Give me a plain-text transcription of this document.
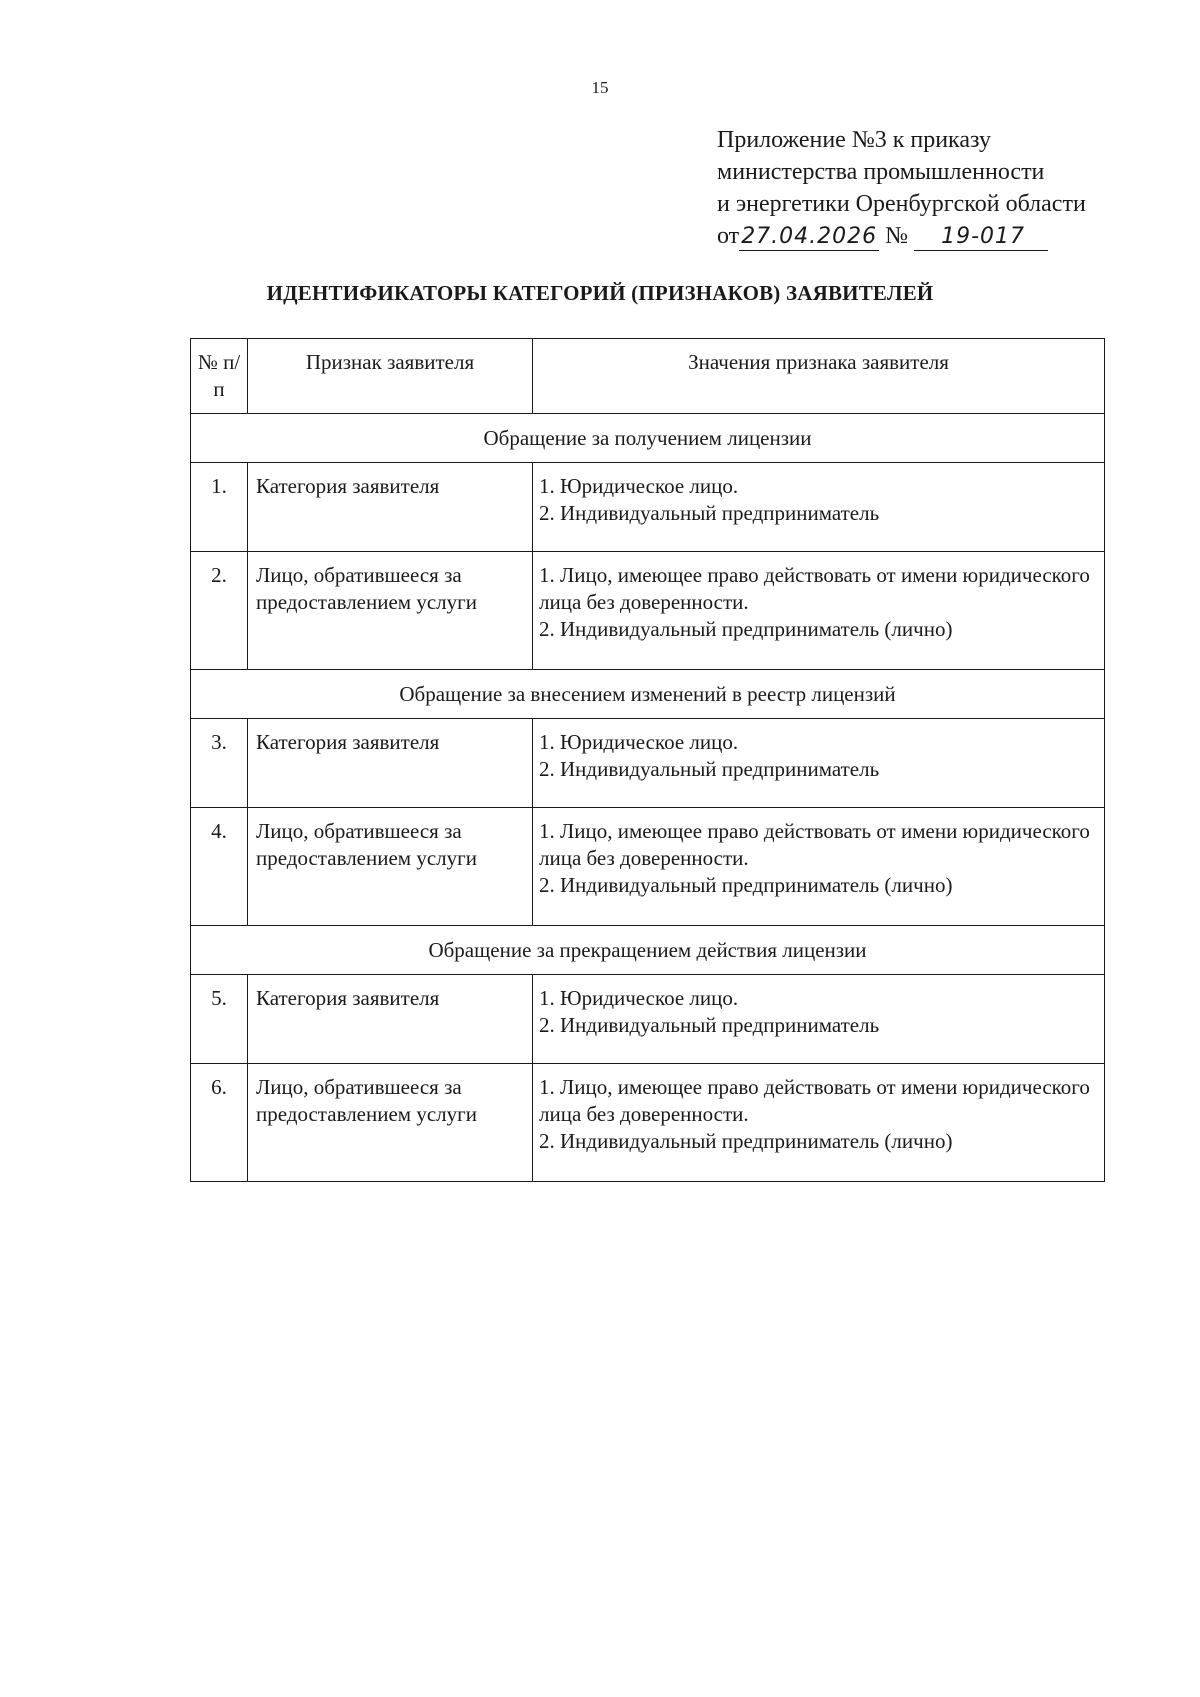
15
Приложение №3 к приказу
министерства промышленности
и энергетики Оренбургской области
от27.04.2026 № 19-017
ИДЕНТИФИКАТОРЫ КАТЕГОРИЙ (ПРИЗНАКОВ) ЗАЯВИТЕЛЕЙ
№ п/п	Признак заявителя	Значения признака заявителя
Обращение за получением лицензии		
1.	Категория заявителя	1. Юридическое лицо.
2. Индивидуальный предприниматель

2.	Лицо, обратившееся за предоставлением услуги	1. Лицо, имеющее право действовать от имени юридического лица без доверенности.
2. Индивидуальный предприниматель (лично)

Обращение за внесением изменений в реестр лицензий		
3.	Категория заявителя	1. Юридическое лицо.
2. Индивидуальный предприниматель

4.	Лицо, обратившееся за предоставлением услуги	1. Лицо, имеющее право действовать от имени юридического лица без доверенности.
2. Индивидуальный предприниматель (лично)

Обращение за прекращением действия лицензии		
5.	Категория заявителя	1. Юридическое лицо.
2. Индивидуальный предприниматель

6.	Лицо, обратившееся за предоставлением услуги	1. Лицо, имеющее право действовать от имени юридического лица без доверенности.
2. Индивидуальный предприниматель (лично)
